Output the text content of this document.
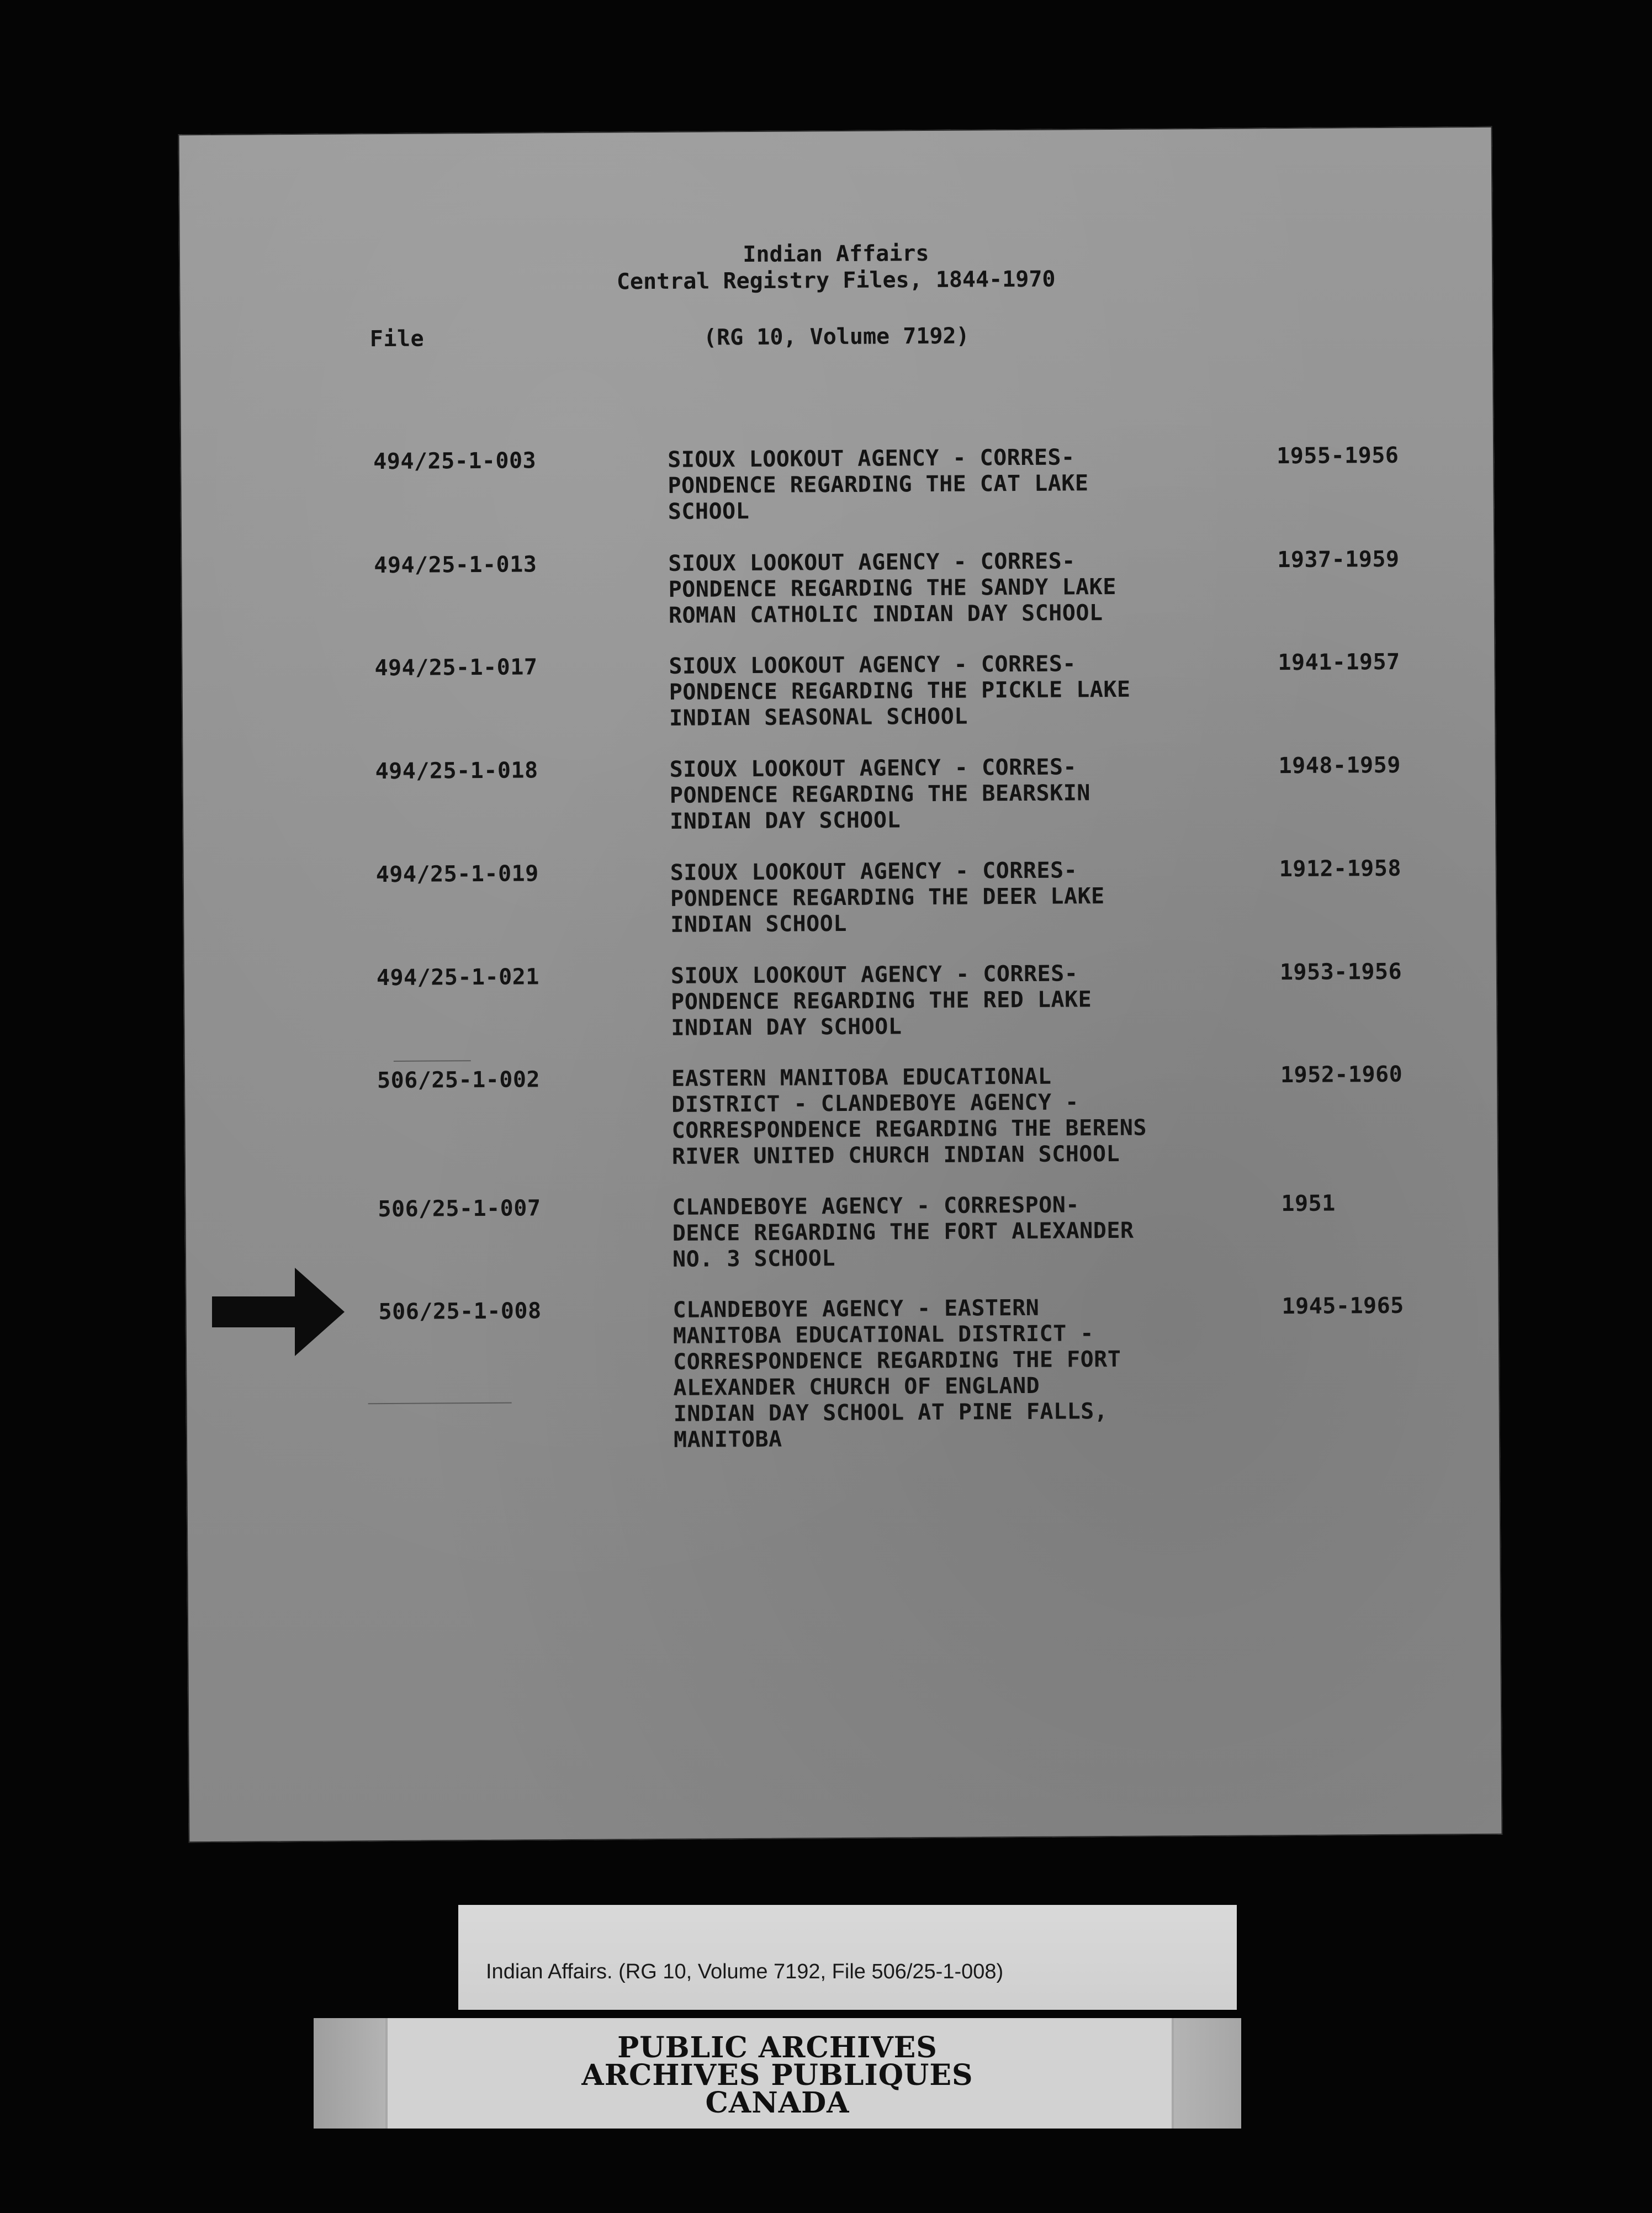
Indian Affairs
Central Registry Files, 1844-1970
File	(RG 10, Volume 7192)
494/25-1-003	SIOUX LOOKOUT AGENCY - CORRES-
PONDENCE REGARDING THE CAT LAKE
SCHOOL
1955-1956
494/25-1-013	SIOUX LOOKOUT AGENCY - CORRES-
PONDENCE REGARDING THE SANDY LAKE
ROMAN CATHOLIC INDIAN DAY SCHOOL
1937-1959
494/25-1-017	SIOUX LOOKOUT AGENCY - CORRES-
PONDENCE REGARDING THE PICKLE LAKE
INDIAN SEASONAL SCHOOL
1941-1957
494/25-1-018	SIOUX LOOKOUT AGENCY - CORRES-
PONDENCE REGARDING THE BEARSKIN
INDIAN DAY SCHOOL
1948-1959
494/25-1-019	SIOUX LOOKOUT AGENCY - CORRES-
PONDENCE REGARDING THE DEER LAKE
INDIAN SCHOOL
1912-1958
494/25-1-021	SIOUX LOOKOUT AGENCY - CORRES-
PONDENCE REGARDING THE RED LAKE
INDIAN DAY SCHOOL
1953-1956
506/25-1-002	EASTERN MANITOBA EDUCATIONAL
DISTRICT - CLANDEBOYE AGENCY -
CORRESPONDENCE REGARDING THE BERENS
RIVER UNITED CHURCH INDIAN SCHOOL
1952-1960
506/25-1-007	CLANDEBOYE AGENCY - CORRESPON-
DENCE REGARDING THE FORT ALEXANDER
NO. 3 SCHOOL
1951
506/25-1-008	CLANDEBOYE AGENCY - EASTERN
MANITOBA EDUCATIONAL DISTRICT -
CORRESPONDENCE REGARDING THE FORT
ALEXANDER CHURCH OF ENGLAND
INDIAN DAY SCHOOL AT PINE FALLS,
MANITOBA
1945-1965
Indian Affairs. (RG 10, Volume 7192, File 506/25-1-008)
PUBLIC ARCHIVES
ARCHIVES PUBLIQUES
CANADA
